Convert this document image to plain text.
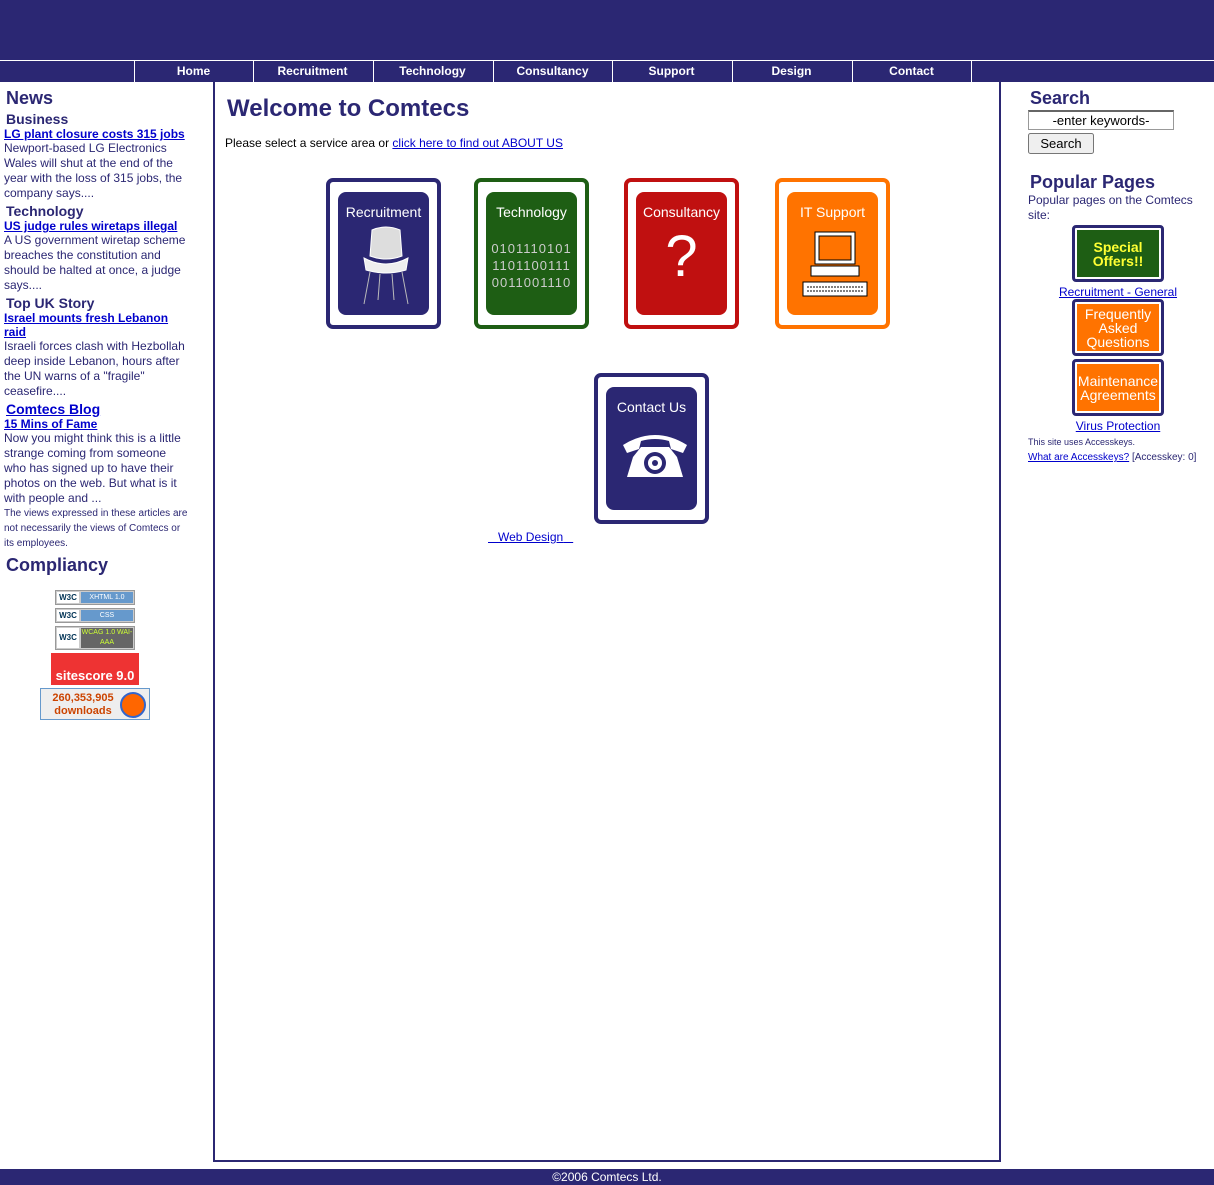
Home	Recruitment	Technology	Consultancy	Support	Design	Contact
News
Business
LG plant closure costs 315 jobs

Newport-based LG Electronics Wales will shut at the end of the year with the loss of 315 jobs, the company says....

Technology
US judge rules wiretaps illegal

A US government wiretap scheme breaches the constitution and should be halted at once, a judge says....

Top UK Story
Israel mounts fresh Lebanon raid

Israeli forces clash with Hezbollah deep inside Lebanon, hours after the UN warns of a "fragile" ceasefire....

Comtecs Blog
15 Mins of Fame

Now you might think this is a little strange coming from someone who has signed up to have their photos on the web. But what is it with people and ...

The views expressed in these articles are not necessarily the views of Comtecs or its employees.

Compliancy
W3C	XHTML 1.0
W3C	CSS
W3C
WCAG 1.0 WAI-AAA
sitescore 9.0
260,353,905 downloads
Welcome to Comtecs
Please select a service area or click here to find out ABOUT US
Recruitment	Technology
0101110101
1101100111
0011001110
Consultancy
?
IT Support
Contact Us
Web Design
Search
-enter keywords-
Search
Popular Pages

Popular pages on the Comtecs site:

Special Offers!!
Recruitment - General
Frequently Asked Questions
Maintenance Agreements
Virus Protection

This site uses Accesskeys.

What are Accesskeys? [Accesskey: 0]

©2006 Comtecs Ltd.
